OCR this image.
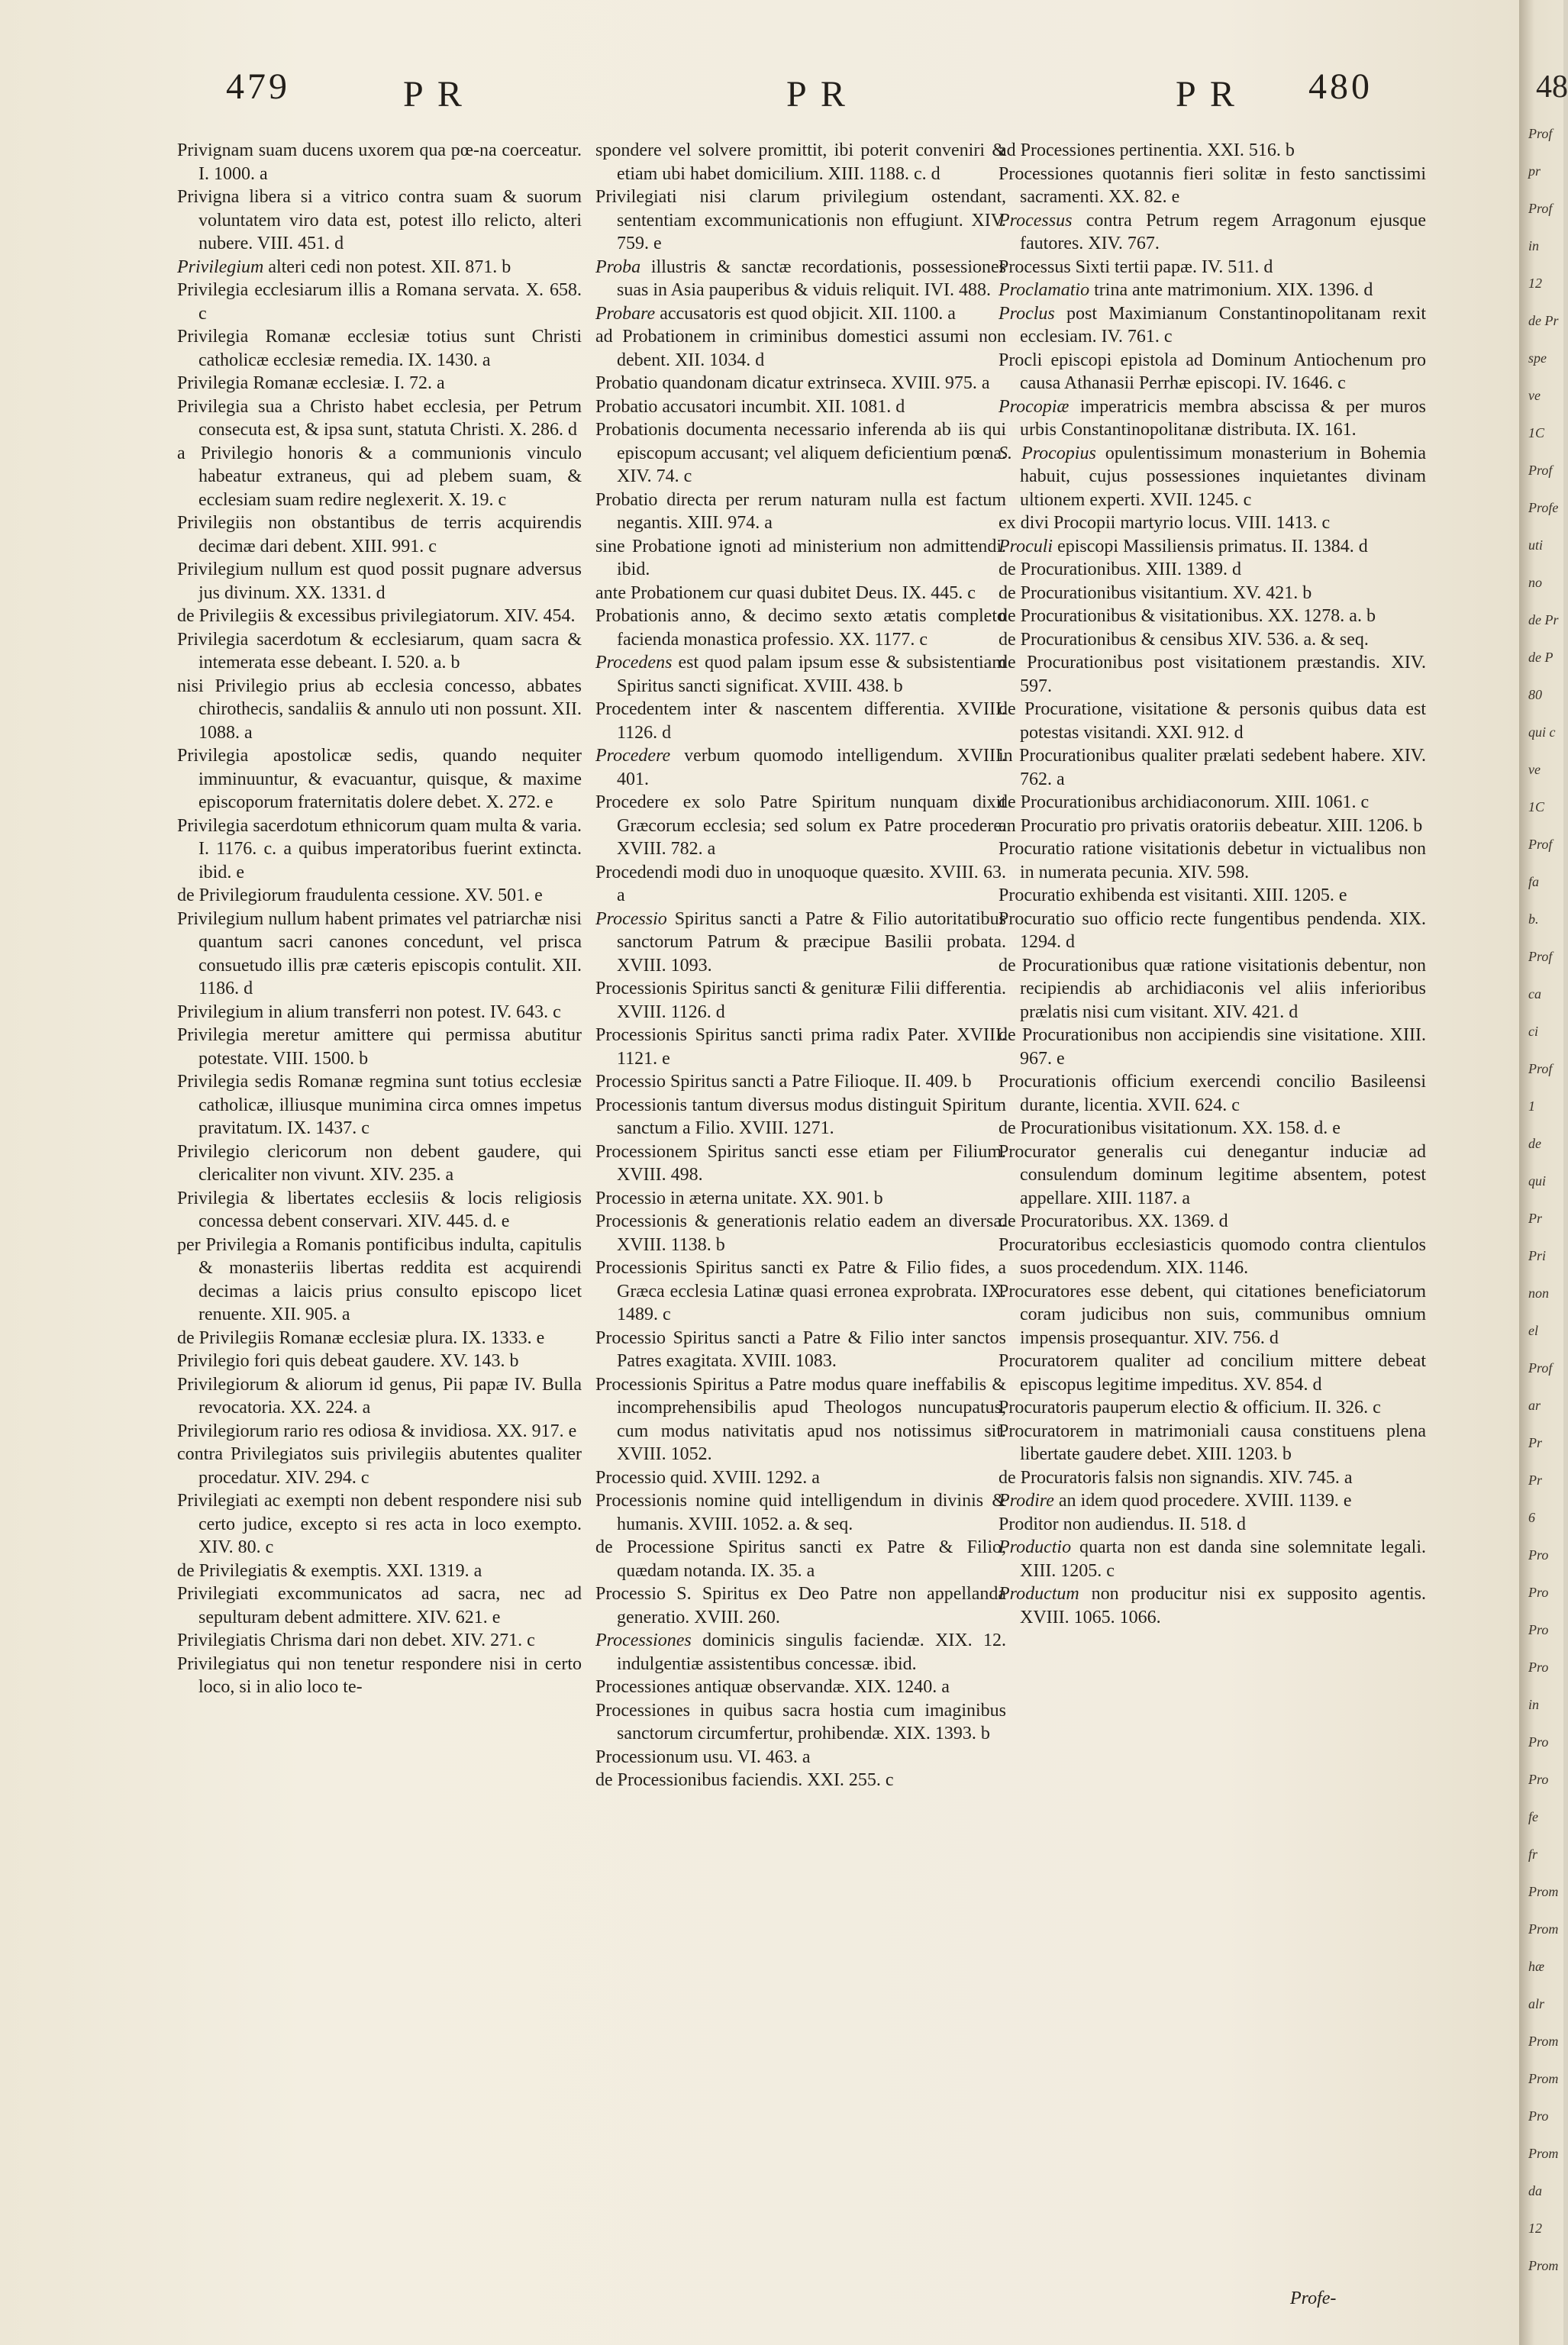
479	P R	P R	P R 480

Privignam suam ducens uxorem qua pœ-na coerceatur. I. 1000. a

Privigna libera si a vitrico contra suam & suorum voluntatem viro data est, potest illo relicto, alteri nubere. VIII. 451. d

Privilegium alteri cedi non potest. XII. 871. b

Privilegia ecclesiarum illis a Romana servata. X. 658. c

Privilegia Romanæ ecclesiæ totius sunt Christi catholicæ ecclesiæ remedia. IX. 1430. a

Privilegia Romanæ ecclesiæ. I. 72. a

Privilegia sua a Christo habet ecclesia, per Petrum consecuta est, & ipsa sunt, statuta Christi. X. 286. d

a Privilegio honoris & a communionis vinculo habeatur extraneus, qui ad plebem suam, & ecclesiam suam redire neglexerit. X. 19. c

Privilegiis non obstantibus de terris acquirendis decimæ dari debent. XIII. 991. c

Privilegium nullum est quod possit pugnare adversus jus divinum. XX. 1331. d

de Privilegiis & excessibus privilegiatorum. XIV. 454.

Privilegia sacerdotum & ecclesiarum, quam sacra & intemerata esse debeant. I. 520. a. b

nisi Privilegio prius ab ecclesia concesso, abbates chirothecis, sandaliis & annulo uti non possunt. XII. 1088. a

Privilegia apostolicæ sedis, quando nequiter imminuuntur, & evacuantur, quisque, & maxime episcoporum fraternitatis dolere debet. X. 272. e

Privilegia sacerdotum ethnicorum quam multa & varia. I. 1176. c. a quibus imperatoribus fuerint extincta. ibid. e

de Privilegiorum fraudulenta cessione. XV. 501. e

Privilegium nullum habent primates vel patriarchæ nisi quantum sacri canones concedunt, vel prisca consuetudo illis præ cæteris episcopis contulit. XII. 1186. d

Privilegium in alium transferri non potest. IV. 643. c

Privilegia meretur amittere qui permissa abutitur potestate. VIII. 1500. b

Privilegia sedis Romanæ regmina sunt totius ecclesiæ catholicæ, illiusque munimina circa omnes impetus pravitatum. IX. 1437. c

Privilegio clericorum non debent gaudere, qui clericaliter non vivunt. XIV. 235. a

Privilegia & libertates ecclesiis & locis religiosis concessa debent conservari. XIV. 445. d. e

per Privilegia a Romanis pontificibus indulta, capitulis & monasteriis libertas reddita est acquirendi decimas a laicis prius consulto episcopo licet renuente. XII. 905. a

de Privilegiis Romanæ ecclesiæ plura. IX. 1333. e

Privilegio fori quis debeat gaudere. XV. 143. b

Privilegiorum & aliorum id genus, Pii papæ IV. Bulla revocatoria. XX. 224. a

Privilegiorum rario res odiosa & invidiosa. XX. 917. e

contra Privilegiatos suis privilegiis abutentes qualiter procedatur. XIV. 294. c

Privilegiati ac exempti non debent respondere nisi sub certo judice, excepto si res acta in loco exempto. XIV. 80. c

de Privilegiatis & exemptis. XXI. 1319. a

Privilegiati excommunicatos ad sacra, nec ad sepulturam debent admittere. XIV. 621. e

Privilegiatis Chrisma dari non debet. XIV. 271. c

Privilegiatus qui non tenetur respondere nisi in certo loco, si in alio loco te-

spondere vel solvere promittit, ibi poterit conveniri & etiam ubi habet domicilium. XIII. 1188. c. d

Privilegiati nisi clarum privilegium ostendant, sententiam excommunicationis non effugiunt. XIV. 759. e

Proba illustris & sanctæ recordationis, possessiones suas in Asia pauperibus & viduis reliquit. IVI. 488.

Probare accusatoris est quod objicit. XII. 1100. a

ad Probationem in criminibus domestici assumi non debent. XII. 1034. d

Probatio quandonam dicatur extrinseca. XVIII. 975. a

Probatio accusatori incumbit. XII. 1081. d

Probationis documenta necessario inferenda ab iis qui episcopum accusant; vel aliquem deficientium pœna. XIV. 74. c

Probatio directa per rerum naturam nulla est factum negantis. XIII. 974. a

sine Probatione ignoti ad ministerium non admittendi. ibid.

ante Probationem cur quasi dubitet Deus. IX. 445. c

Probationis anno, & decimo sexto ætatis completo facienda monastica professio. XX. 1177. c

Procedens est quod palam ipsum esse & subsistentiam Spiritus sancti significat. XVIII. 438. b

Procedentem inter & nascentem differentia. XVIII. 1126. d

Procedere verbum quomodo intelligendum. XVIII. 401.

Procedere ex solo Patre Spiritum nunquam dixit Græcorum ecclesia; sed solum ex Patre procedere. XVIII. 782. a

Procedendi modi duo in unoquoque quæsito. XVIII. 63. a

Processio Spiritus sancti a Patre & Filio autoritatibus sanctorum Patrum & præcipue Basilii probata. XVIII. 1093.

Processionis Spiritus sancti & genituræ Filii differentia. XVIII. 1126. d

Processionis Spiritus sancti prima radix Pater. XVIII. 1121. e

Processio Spiritus sancti a Patre Filioque. II. 409. b

Processionis tantum diversus modus distinguit Spiritum sanctum a Filio. XVIII. 1271.

Processionem Spiritus sancti esse etiam per Filium. XVIII. 498.

Processio in æterna unitate. XX. 901. b

Processionis & generationis relatio eadem an diversa. XVIII. 1138. b

Processionis Spiritus sancti ex Patre & Filio fides, a Græca ecclesia Latinæ quasi erronea exprobrata. IX. 1489. c

Processio Spiritus sancti a Patre & Filio inter sanctos Patres exagitata. XVIII. 1083.

Processionis Spiritus a Patre modus quare ineffabilis & incomprehensibilis apud Theologos nuncupatus, cum modus nativitatis apud nos notissimus sit. XVIII. 1052.

Processio quid. XVIII. 1292. a

Processionis nomine quid intelligendum in divinis & humanis. XVIII. 1052. a. & seq.

de Processione Spiritus sancti ex Patre & Filio, quædam notanda. IX. 35. a

Processio S. Spiritus ex Deo Patre non appellanda generatio. XVIII. 260.

Processiones dominicis singulis faciendæ. XIX. 12. indulgentiæ assistentibus concessæ. ibid.

Processiones antiquæ observandæ. XIX. 1240. a

Processiones in quibus sacra hostia cum imaginibus sanctorum circumfertur, prohibendæ. XIX. 1393. b

Processionum usu. VI. 463. a

de Processionibus faciendis. XXI. 255. c

ad Processiones pertinentia. XXI. 516. b

Processiones quotannis fieri solitæ in festo sanctissimi sacramenti. XX. 82. e

Processus contra Petrum regem Arragonum ejusque fautores. XIV. 767.

Processus Sixti tertii papæ. IV. 511. d

Proclamatio trina ante matrimonium. XIX. 1396. d

Proclus post Maximianum Constantinopolitanam rexit ecclesiam. IV. 761. c

Procli episcopi epistola ad Dominum Antiochenum pro causa Athanasii Perrhæ episcopi. IV. 1646. c

Procopiæ imperatricis membra abscissa & per muros urbis Constantinopolitanæ distributa. IX. 161.

S. Procopius opulentissimum monasterium in Bohemia habuit, cujus possessiones inquietantes divinam ultionem experti. XVII. 1245. c

ex divi Procopii martyrio locus. VIII. 1413. c

Proculi episcopi Massiliensis primatus. II. 1384. d

de Procurationibus. XIII. 1389. d

de Procurationibus visitantium. XV. 421. b

de Procurationibus & visitationibus. XX. 1278. a. b

de Procurationibus & censibus XIV. 536. a. & seq.

de Procurationibus post visitationem præstandis. XIV. 597.

de Procuratione, visitatione & personis quibus data est potestas visitandi. XXI. 912. d

in Procurationibus qualiter prælati sedebent habere. XIV. 762. a

de Procurationibus archidiaconorum. XIII. 1061. c

an Procuratio pro privatis oratoriis debeatur. XIII. 1206. b

Procuratio ratione visitationis debetur in victualibus non in numerata pecunia. XIV. 598.

Procuratio exhibenda est visitanti. XIII. 1205. e

Procuratio suo officio recte fungentibus pendenda. XIX. 1294. d

de Procurationibus quæ ratione visitationis debentur, non recipiendis ab archidiaconis vel aliis inferioribus prælatis nisi cum visitant. XIV. 421. d

de Procurationibus non accipiendis sine visitatione. XIII. 967. e

Procurationis officium exercendi concilio Basileensi durante, licentia. XVII. 624. c

de Procurationibus visitationum. XX. 158. d. e

Procurator generalis cui denegantur induciæ ad consulendum dominum legitime absentem, potest appellare. XIII. 1187. a

de Procuratoribus. XX. 1369. d

Procuratoribus ecclesiasticis quomodo contra clientulos suos procedendum. XIX. 1146.

Procuratores esse debent, qui citationes beneficiatorum coram judicibus non suis, communibus omnium impensis prosequantur. XIV. 756. d

Procuratorem qualiter ad concilium mittere debeat episcopus legitime impeditus. XV. 854. d

Procuratoris pauperum electio & officium. II. 326. c

Procuratorem in matrimoniali causa constituens plena libertate gaudere debet. XIII. 1203. b

de Procuratoris falsis non signandis. XIV. 745. a

Prodire an idem quod procedere. XVIII. 1139. e

Proditor non audiendus. II. 518. d

Productio quarta non est danda sine solemnitate legali. XIII. 1205. c

Productum non producitur nisi ex supposito agentis. XVIII. 1065. 1066.

Profe-
48
Prof
pr
Prof
in
12
de Pr
spe
ve
1C
Prof
Profe
uti
no
de Pr
de P
80
qui c
ve
1C
Prof
fa
b.
Prof
ca
ci
Prof
1
de
qui
Pr
Pri
non
el
Prof
ar
Pr
Pr
6
Pro
Pro
Pro
Pro
in
Pro
Pro
fe
fr
Prom
Prom
hæ
alr
Prom
Prom
Pro
Prom
da
12
Prom
